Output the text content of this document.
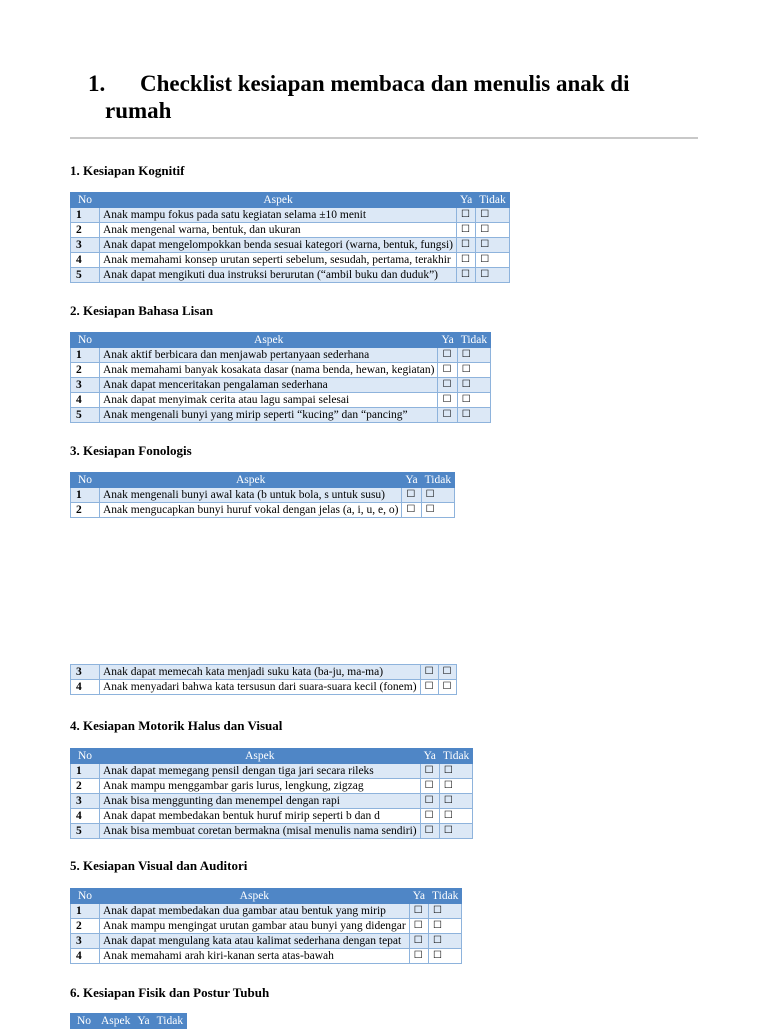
1. Checklist kesiapan membaca dan menulis anak di
rumah
1. Kesiapan Kognitif
No	Aspek	Ya	Tidak
1	Anak mampu fokus pada satu kegiatan selama ±10 menit	☐	☐
2	Anak mengenal warna, bentuk, dan ukuran	☐	☐
3	Anak dapat mengelompokkan benda sesuai kategori (warna, bentuk, fungsi)	☐	☐
4	Anak memahami konsep urutan seperti sebelum, sesudah, pertama, terakhir	☐	☐
5	Anak dapat mengikuti dua instruksi berurutan (“ambil buku dan duduk”)	☐	☐
2. Kesiapan Bahasa Lisan
No	Aspek	Ya	Tidak
1	Anak aktif berbicara dan menjawab pertanyaan sederhana	☐	☐
2	Anak memahami banyak kosakata dasar (nama benda, hewan, kegiatan)	☐	☐
3	Anak dapat menceritakan pengalaman sederhana	☐	☐
4	Anak dapat menyimak cerita atau lagu sampai selesai	☐	☐
5	Anak mengenali bunyi yang mirip seperti “kucing” dan “pancing”	☐	☐
3. Kesiapan Fonologis
No	Aspek	Ya	Tidak
1	Anak mengenali bunyi awal kata (b untuk bola, s untuk susu)	☐	☐
2	Anak mengucapkan bunyi huruf vokal dengan jelas (a, i, u, e, o)	☐	☐
3	Anak dapat memecah kata menjadi suku kata (ba-ju, ma-ma)	☐	☐
4	Anak menyadari bahwa kata tersusun dari suara-suara kecil (fonem)	☐	☐
4. Kesiapan Motorik Halus dan Visual
No	Aspek	Ya	Tidak
1	Anak dapat memegang pensil dengan tiga jari secara rileks	☐	☐
2	Anak mampu menggambar garis lurus, lengkung, zigzag	☐	☐
3	Anak bisa menggunting dan menempel dengan rapi	☐	☐
4	Anak dapat membedakan bentuk huruf mirip seperti b dan d	☐	☐
5	Anak bisa membuat coretan bermakna (misal menulis nama sendiri)	☐	☐
5. Kesiapan Visual dan Auditori
No	Aspek	Ya	Tidak
1	Anak dapat membedakan dua gambar atau bentuk yang mirip	☐	☐
2	Anak mampu mengingat urutan gambar atau bunyi yang didengar	☐	☐
3	Anak dapat mengulang kata atau kalimat sederhana dengan tepat	☐	☐
4	Anak memahami arah kiri-kanan serta atas-bawah	☐	☐
6. Kesiapan Fisik dan Postur Tubuh
No	Aspek	Ya	Tidak
